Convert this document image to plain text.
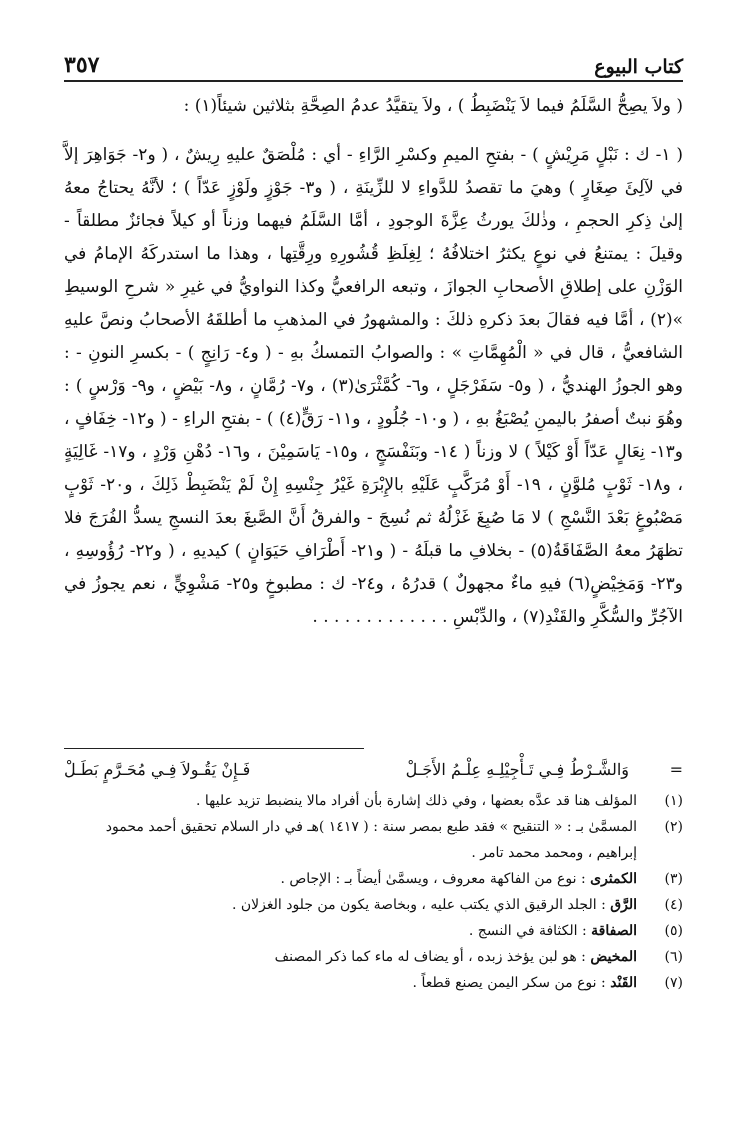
كتاب البيوع
٣٥٧

( ولاَ يصِحُّ السَّلَمُ فيما لاَ يَنْضَبِطُ ) ، ولاَ يتقيَّدُ عدمُ الصِحَّةِ بثلاثين شيئاً(١) :

( ١- ك : نَبْلٍ مَرِيْشٍ ) - بفتحِ الميمِ وكسْرِ الرَّاءِ - أي : مُلْصَقٌ عليهِ رِيشٌ ، ( و٢- جَوَاهِرَ إلاَّ في لآلِئَ صِغَارٍ ) وهيَ ما تقصدُ للدَّواءِ لا للزِّينَةِ ، ( و٣- جَوْزٍ ولَوْزٍ عَدّاً ) ؛ لأنَّهُ يحتاجُ معهُ إلىٰ ذِكرِ الحجمِ ، وذٰلكَ يورثُ عِزَّةَ الوجودِ ، أمَّا السَّلَمُ فيهما وزناً أو كيلاً فجائزٌ مطلقاً - وقيلَ : يمتنعُ في نوعٍ يكثرُ اختلافُهُ ؛ لِغِلَظِ قُشُورِهِ ورِقَّتِها ، وهذا ما استدركَهُ الإمامُ في الوَزْنِ على إطلاقِ الأصحابِ الجوازَ ، وتبعه الرافعيُّ وكذا النواويُّ في غيرِ « شرحِ الوسيطِ »(٢) ، أمَّا فيه فقالَ بعدَ ذكرهِ ذلكَ : والمشهورُ في المذهبِ ما أطلقَهُ الأصحابُ ونصَّ عليهِ الشافعيُّ ، قال في « الْمُهِمَّاتِ » : والصوابُ التمسكُ بهِ - ( و٤- رَانِجٍ ) - بكسرِ النونِ - : وهو الجوزُ الهنديُّ ، ( و٥- سَفَرْجَلٍ ، و٦- كُمَّثْرَىٰ(٣) ، و٧- رُمَّانٍ ، و٨- بَيْضٍ ، و٩- وَرْسٍ ) : وهُوَ نبتٌ أصفرُ باليمنِ يُصْبَغُ بهِ ، ( و١٠- جُلُودٍ ، و١١- رَقٍّ(٤) ) - بفتحِ الراءِ - ( و١٢- خِفَافٍ ، و١٣- نِعَالٍ عَدّاً أَوْ كَيْلاً ) لا وزناً ( ١٤- وبَنَفْسَجٍ ، و١٥- يَاسَمِيْنَ ، و١٦- دُهْنِ وَرْدٍ ، و١٧- غَالِيَةٍ ، و١٨- ثَوْبٍ مُلوَّنٍ ، ١٩- أَوْ مُرَكَّبٍ عَلَيْهِ بالإِبْرَةِ غَيْرُ جِنْسِهِ إِنْ لَمْ يَنْضَبِطْ ذَلِكَ ، و٢٠- ثَوْبٍ مَصْبُوغٍ بَعْدَ النَّسْجِ ) لا مَا صُبِغَ غَزْلُهُ ثم نُسِجَ - والفرقُ أَنَّ الصَّبغَ بعدَ النسجِ يسدُّ الفُرَجَ فلا تظهَرُ معهُ الصَّفَاقَةُ(٥) - بخلافِ ما قبلَهُ - ( و٢١- أَطْرَافِ حَيَوَانٍ ) كيديهِ ، ( و٢٢- رُؤُوسِهِ ، و٢٣- وَمَخِيْضٍ(٦) فيهِ ماءٌ مجهولٌ ) قدرُهُ ، و٢٤- ك : مطبوخٍ و٢٥- مَشْوِيٍّ ، نعم يجوزُ في الآجُرِّ والسُّكَّرِ والقَنْدِ(٧) ، والدِّبْسِ . . . . . . . . . . . . .

=
وَالشَّـرْطُ فِـي تَـأْجِيْلِـهِ عِلْـمُ الأَجَـلْ
فَـإِنْ يَقُـولاَ فِـي مُحَـرَّمٍ بَطَـلْ
(١)
المؤلف هنا قد عدَّه بعضها ، وفي ذلك إشارة بأن أفراد مالا ينضبط تزيد عليها .
(٢)
المسمَّىٰ بـ : « التنقيح » فقد طبع بمصر سنة : ( ١٤١٧ )هـ في دار السلام تحقيق أحمد محمود إبراهيم ، ومحمد محمد تامر .
(٣)
الكمثرى : نوع من الفاكهة معروف ، ويسمَّىٰ أيضاً بـ : الإجاص .
(٤)
الرَّق : الجلد الرقيق الذي يكتب عليه ، وبخاصة يكون من جلود الغزلان .
(٥)
الصفاقة : الكثافة في النسج .
(٦)
المخيض : هو لبن يؤخذ زبده ، أو يضاف له ماء كما ذكر المصنف
(٧)
القَنْد : نوع من سكر اليمن يصنع قطعاً .
